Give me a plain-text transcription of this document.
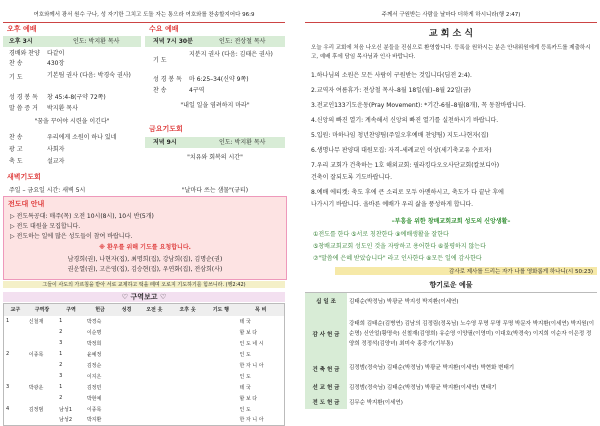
여호와께서 광서 원수 구나, 성 자기한 그치고 도돌 자는 통으라 여호와를 찬송할지어다 96:9
오후 예배
오후 3시	인도: 박지환 목사
경배와 찬양 다같이
찬 송	430장
기 도	기본팀 권사 (다음: 박경숙 권사)
성 경 봉 독 창 45:4-8(구약 72쪽)
말 씀 증 거 박지환 목사
"꿈을 꾸어야 시련을 이긴다"
찬 송	우리에게 소원이 하나 있네
광 고	사회자
축 도	설교자
수요 예배
저녁 7시 30분	인도: 전상철 목사
기 도
지분지 권사 (다음: 김태은 권사)
성 경 봉 독 마 6:25–34(신약 9쪽)
찬 송	4구역
"내일 일을 염려하지 마라"
금요기도회
저녁 9시	인도: 박지환 목사
"치유와 회복의 시간"
새벽기도회
주일 – 금요일 시간: 새벽 5시	"날마다 쓰는 샘물"(규티)
전도대 안내
▷ 전도특공대: 매주(목) 오전 10시(8시), 10시 반(5개)
▷ 전도 대원을 모집합니다.
▷ 전도하는 일에 많은 성도들이 참여 바랍니다.
※ 환우를 위해 기도를 요청합니다.
남경희(권), 나현자(집), 최명희(집), 강남희(집), 김명순(권)
권운열(권), 고은영(집), 김승현(집), 우연화(집), 전삼희(사)
그들이 사도의 가르침을 받아 서로 교제하고 떡을 떼며 오로지 기도하기를 힘쓰니라. (행2:42)
♡ 구역보고 ♡
교구	구역장	구역	헌금	성경	오전 옷	오후 옷	기도 행	목 비
1	신철재	1	박경숙					테 국
		2	이순명					할 보 다
		3	박정희					인 도 네 시
2	이종목	1	윤예정					인 도
		2	김정순					한 자 니 아
		3	이지은					인 도
3	박광운	1	김정민					테 국
		2	박현예					할 보 다
4	김정범	남성1	이종목					인 도
		남성2	박지환					한 자 니 아
주께서 구원받는 사람을 날마다 더하게 하시니라(행 2:47)
교 회 소 식
오늘 우리 교회에 처음 나오신 분들을 진심으로 환영합니다. 등록을 원하시는 분은 안내위원에게 등록카드를 제출하시고, 예배 후에 담임 목사님과 인사 바랍니다.
1.하나님의 소원은 모든 사람이 구원받는 것입니다(딤전 2:4).
2.교역자 여름휴가: 전상철 목사–8월 18일(월)–8월 22일(금)
3.전교인133기도운동(Pray Movement): *기간-6월–8월(8개), 꼭 동참바랍니다.
4.신앙의 빠진 열기: 계속해서 신앙의 빠진 열기를 실천하시기 바랍니다.
5.입원: 마하나임 청년찬양팀(주일오후예배 찬양팀) 지도-나현자(집)
6.생명나무 판양대 대원모집: 자격-세례교인 이상(세기축교유 수료자)
7.우리 교회가 건축하는 1호 해외교회: 필라킹다오오사단교회(칼보디아)
건축이 잘되도록 기도바랍니다.
8.예배 에티켓: 축도 후에 큰 소리로 모두 아멘하시고, 축도가 다 끝난 후에
나가시기 바랍니다. 올바른 예배가 우리 삶을 풍성하게 합니다.
–부흥을 위한 창배교회교회 성도의 신앙생활–
①전도를 한다 ⑤서로 칭찬한다 ⑨예배생활을 잘한다
⑤창배교회교회 성도인 것을 자랑하고 용어한다 ⑥불평하지 않는다
⑦"말씀에 은혜 받았습니다" 라고 인사한다 ⑧모든 일에 감사한다
감사로 제사를 드리는 자가 나를 영화롭게 하나니(시 50:23)
향기로운 예물
십 일 조	김태순(박정님) 박광균 박지성 박지환(이세연)
감 사 헌 금	강태희 김태순(김병연) 김남의 김정림(정옥님) 노수영 무명 무명 무명 박문자 박지환(이세연) 박지원(이순명) 신안얼(황명숙) 신철재(김영희) 유순영 이양필(이영미) 이대호(박경숙) 이지희 이순자 이은정 정양희 정정석(김양녀) 최미숙 홍중기(기부통)
건 축 헌 금	김정범(정숙님) 김태순(박정님) 박광균 박지환(이세연) 박현화 변태기
선 교 헌 금	김정범(정숙님) 김태순(박정님) 박광균 박지환(이세연) 변태기
전 도 헌 금	김무순 박지환(이세연)
